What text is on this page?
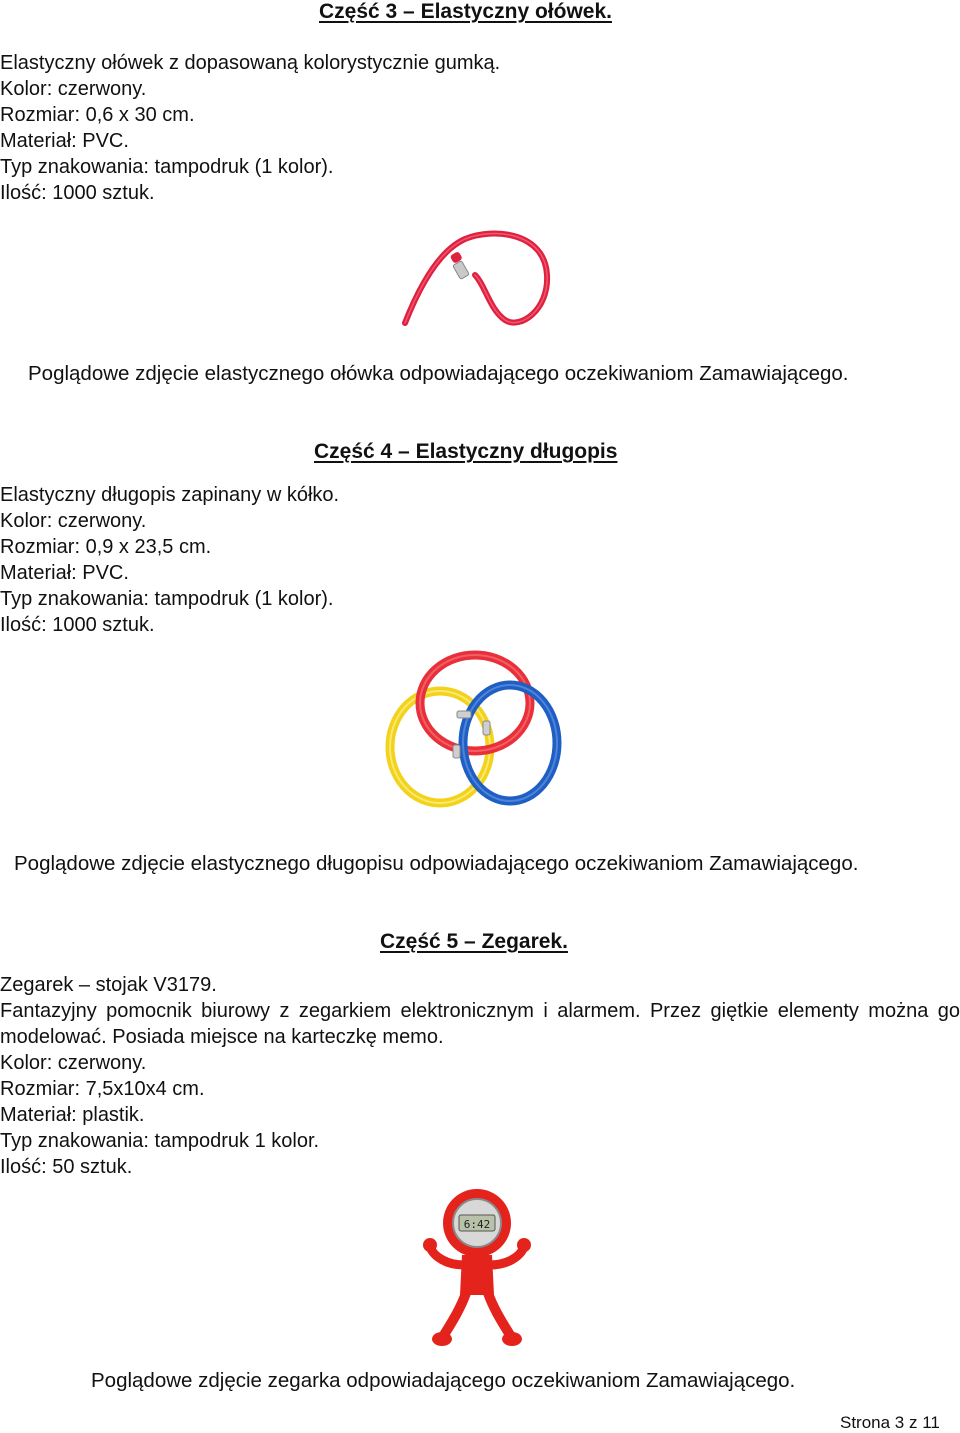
Część 3 – Elastyczny ołówek.
Elastyczny ołówek z dopasowaną kolorystycznie gumką.
Kolor: czerwony.
Rozmiar: 0,6 x 30 cm.
Materiał: PVC.
Typ znakowania: tampodruk (1 kolor).
Ilość: 1000 sztuk.
Poglądowe zdjęcie elastycznego ołówka odpowiadającego oczekiwaniom Zamawiającego.
Część 4 – Elastyczny długopis
Elastyczny długopis zapinany w kółko.
Kolor: czerwony.
Rozmiar: 0,9 x 23,5 cm.
Materiał: PVC.
Typ znakowania: tampodruk (1 kolor).
Ilość: 1000 sztuk.
Poglądowe zdjęcie elastycznego długopisu odpowiadającego oczekiwaniom Zamawiającego.
Część 5 – Zegarek.
Zegarek – stojak V3179.
Fantazyjny pomocnik biurowy z zegarkiem elektronicznym i alarmem. Przez giętkie elementy można go modelować. Posiada miejsce na karteczkę memo.
Kolor: czerwony.
Rozmiar: 7,5x10x4 cm.
Materiał: plastik.
Typ znakowania: tampodruk 1 kolor.
Ilość: 50 sztuk.
6:42
Poglądowe zdjęcie zegarka odpowiadającego oczekiwaniom Zamawiającego.
Strona 3 z 11
